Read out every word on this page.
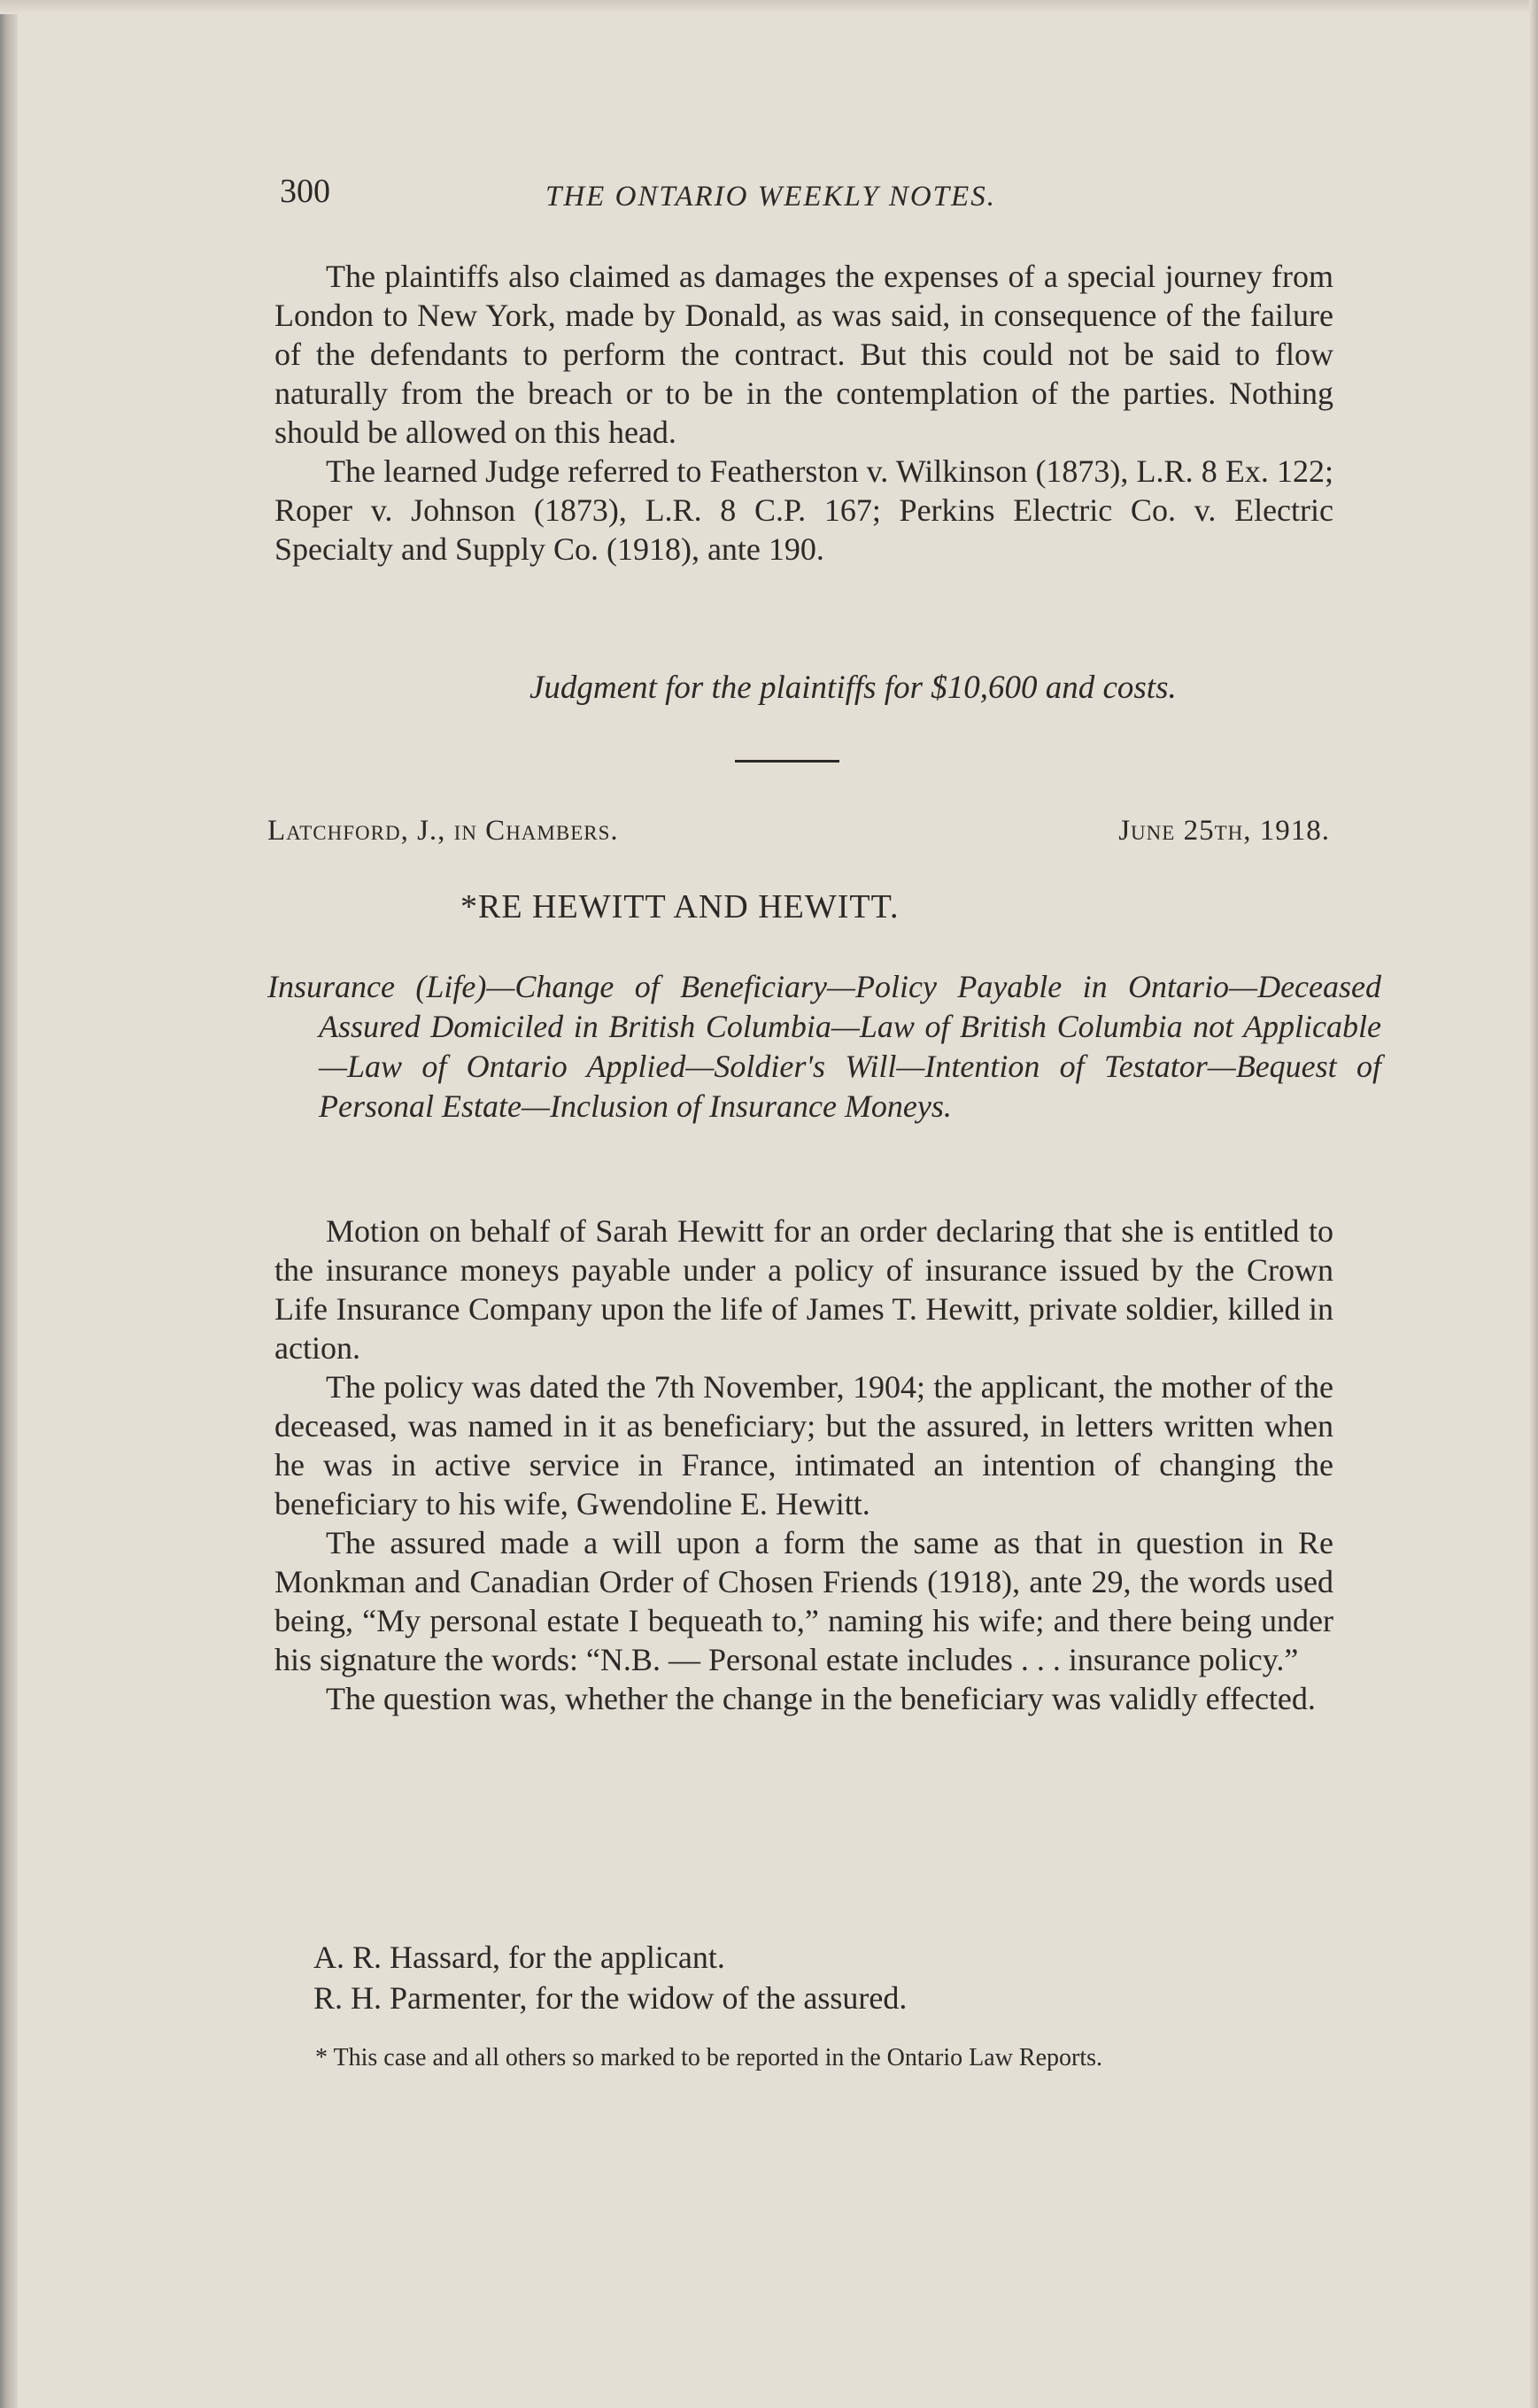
300	THE ONTARIO WEEKLY NOTES.

The plaintiffs also claimed as damages the expenses of a special journey from London to New York, made by Donald, as was said, in consequence of the failure of the defendants to perform the contract. But this could not be said to flow naturally from the breach or to be in the contemplation of the parties. Nothing should be allowed on this head.

The learned Judge referred to Featherston v. Wilkinson (1873), L.R. 8 Ex. 122; Roper v. Johnson (1873), L.R. 8 C.P. 167; Perkins Electric Co. v. Electric Specialty and Supply Co. (1918), ante 190.

Judgment for the plaintiffs for $10,600 and costs.
Latchford, J., in Chambers.	June 25th, 1918.
*RE HEWITT AND HEWITT.

Insurance (Life)—Change of Beneficiary—Policy Payable in Ontario—Deceased Assured Domiciled in British Columbia—Law of British Columbia not Applicable—Law of Ontario Applied—Soldier's Will—Intention of Testator—Bequest of Personal Estate—Inclusion of Insurance Moneys.

Motion on behalf of Sarah Hewitt for an order declaring that she is entitled to the insurance moneys payable under a policy of insurance issued by the Crown Life Insurance Company upon the life of James T. Hewitt, private soldier, killed in action.

The policy was dated the 7th November, 1904; the applicant, the mother of the deceased, was named in it as beneficiary; but the assured, in letters written when he was in active service in France, intimated an intention of changing the beneficiary to his wife, Gwendoline E. Hewitt.

The assured made a will upon a form the same as that in question in Re Monkman and Canadian Order of Chosen Friends (1918), ante 29, the words used being, “My personal estate I bequeath to,” naming his wife; and there being under his signature the words: “N.B. — Personal estate includes . . . insurance policy.”

The question was, whether the change in the beneficiary was validly effected.

A. R. Hassard, for the applicant.
R. H. Parmenter, for the widow of the assured.

* This case and all others so marked to be reported in the Ontario Law Reports.
